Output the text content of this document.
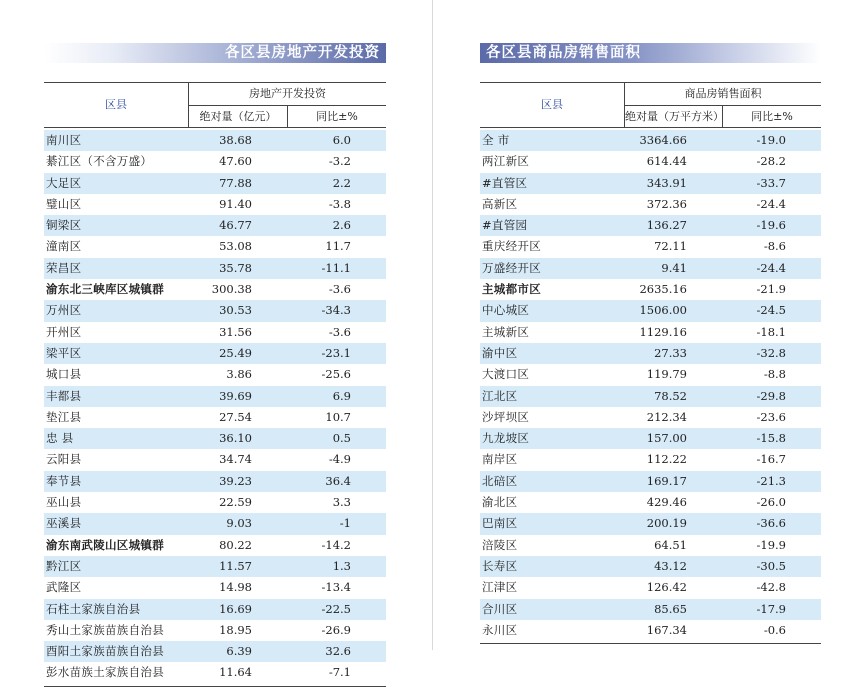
各区县房地产开发投资
区县
房地产开发投资
绝对量（亿元）	同比±%
南川区	38.68	6.0
綦江区（不含万盛）	47.60	-3.2
大足区	77.88	2.2
璧山区	91.40	-3.8
铜梁区	46.77	2.6
潼南区	53.08	11.7
荣昌区	35.78	-11.1
渝东北三峡库区城镇群	300.38	-3.6
万州区	30.53	-34.3
开州区	31.56	-3.6
梁平区	25.49	-23.1
城口县	3.86	-25.6
丰都县	39.69	6.9
垫江县	27.54	10.7
忠 县	36.10	0.5
云阳县	34.74	-4.9
奉节县	39.23	36.4
巫山县	22.59	3.3
巫溪县	9.03	-1
渝东南武陵山区城镇群	80.22	-14.2
黔江区	11.57	1.3
武隆区	14.98	-13.4
石柱土家族自治县	16.69	-22.5
秀山土家族苗族自治县	18.95	-26.9
酉阳土家族苗族自治县	6.39	32.6
彭水苗族土家族自治县	11.64	-7.1
各区县商品房销售面积
区县
商品房销售面积
绝对量（万平方米）	同比±%
全 市	3364.66	-19.0
两江新区	614.44	-28.2
#直管区	343.91	-33.7
高新区	372.36	-24.4
#直管园	136.27	-19.6
重庆经开区	72.11	-8.6
万盛经开区	9.41	-24.4
主城都市区	2635.16	-21.9
中心城区	1506.00	-24.5
主城新区	1129.16	-18.1
渝中区	27.33	-32.8
大渡口区	119.79	-8.8
江北区	78.52	-29.8
沙坪坝区	212.34	-23.6
九龙坡区	157.00	-15.8
南岸区	112.22	-16.7
北碚区	169.17	-21.3
渝北区	429.46	-26.0
巴南区	200.19	-36.6
涪陵区	64.51	-19.9
长寿区	43.12	-30.5
江津区	126.42	-42.8
合川区	85.65	-17.9
永川区	167.34	-0.6
